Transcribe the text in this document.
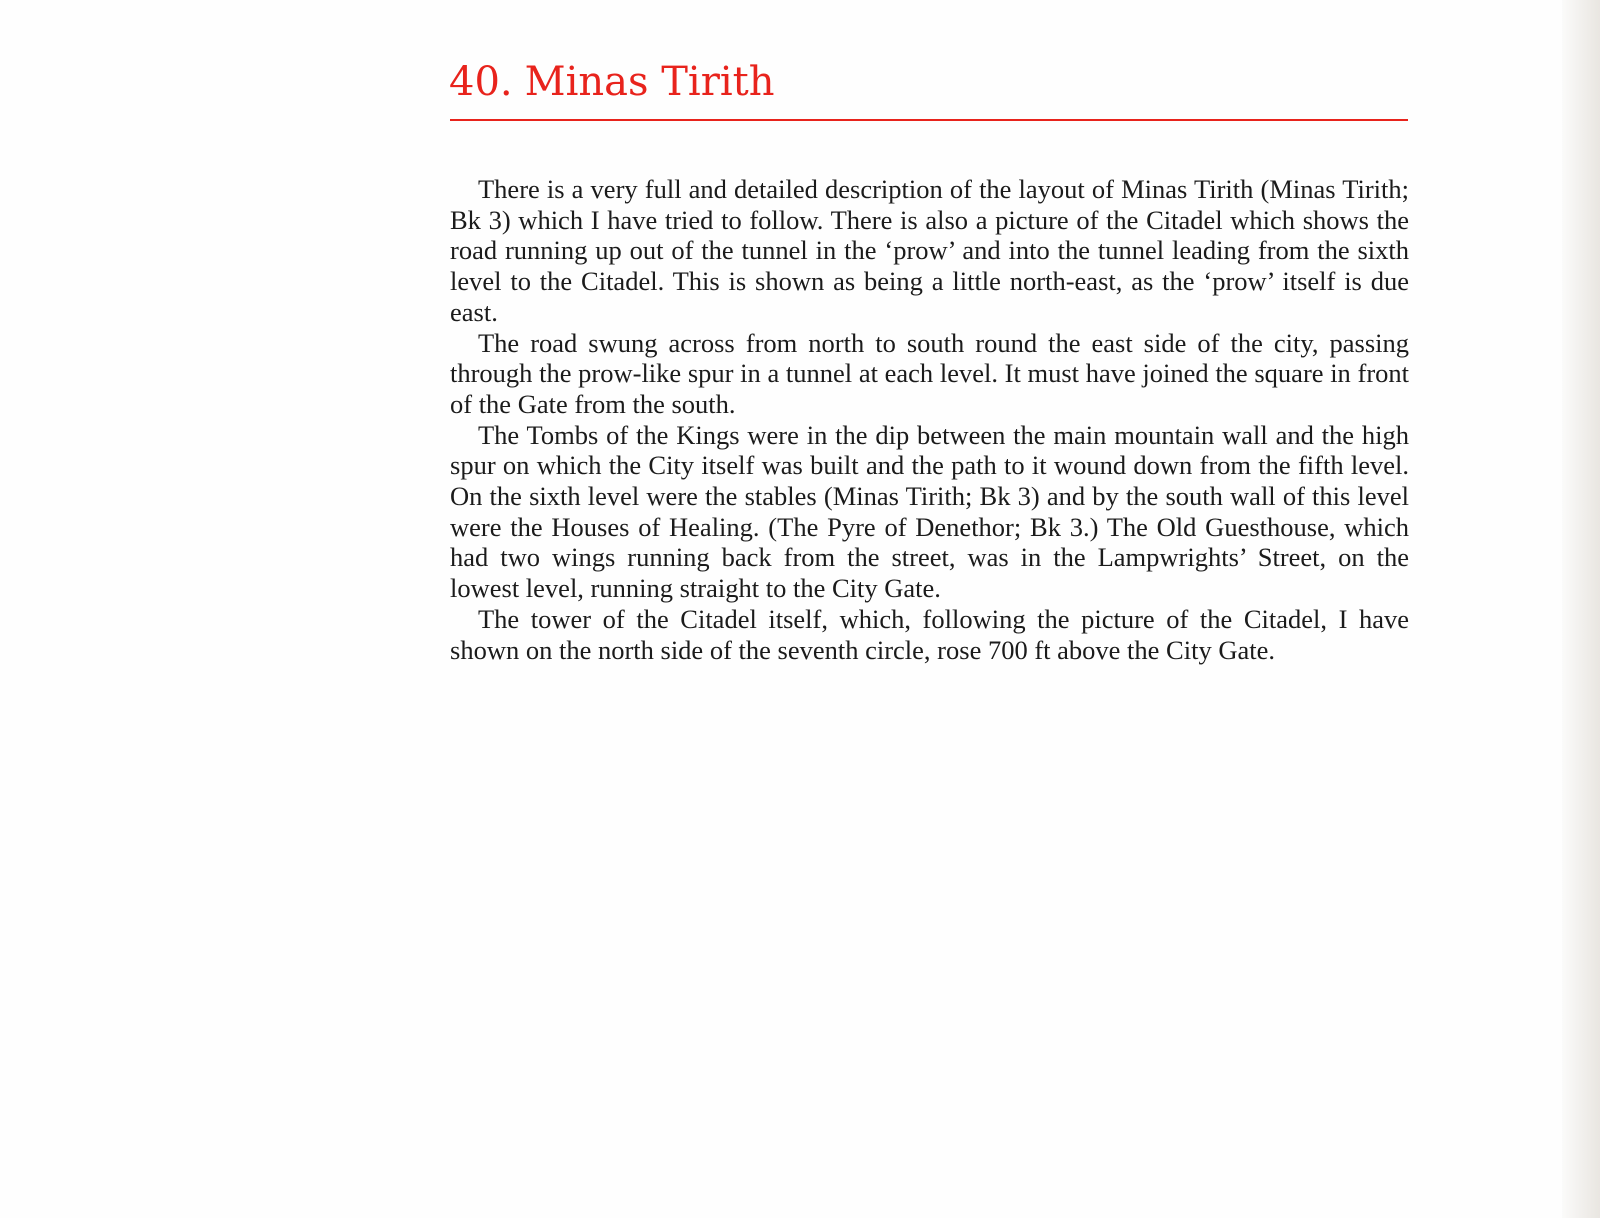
40. Minas Tirith

There is a very full and detailed description of the layout of Minas Tirith (Minas Tirith; Bk 3) which I have tried to follow. There is also a picture of the Citadel which shows the road running up out of the tunnel in the ‘prow’ and into the tunnel leading from the sixth level to the Citadel. This is shown as being a little north-east, as the ‘prow’ itself is due east.

The road swung across from north to south round the east side of the city, passing through the prow-like spur in a tunnel at each level. It must have joined the square in front of the Gate from the south.

The Tombs of the Kings were in the dip between the main mountain wall and the high spur on which the City itself was built and the path to it wound down from the fifth level. On the sixth level were the stables (Minas Tirith; Bk 3) and by the south wall of this level were the Houses of Healing. (The Pyre of Denethor; Bk 3.) The Old Guesthouse, which had two wings running back from the street, was in the Lampwrights’ Street, on the lowest level, running straight to the City Gate.

The tower of the Citadel itself, which, following the picture of the Citadel, I have shown on the north side of the seventh circle, rose 700 ft above the City Gate.
